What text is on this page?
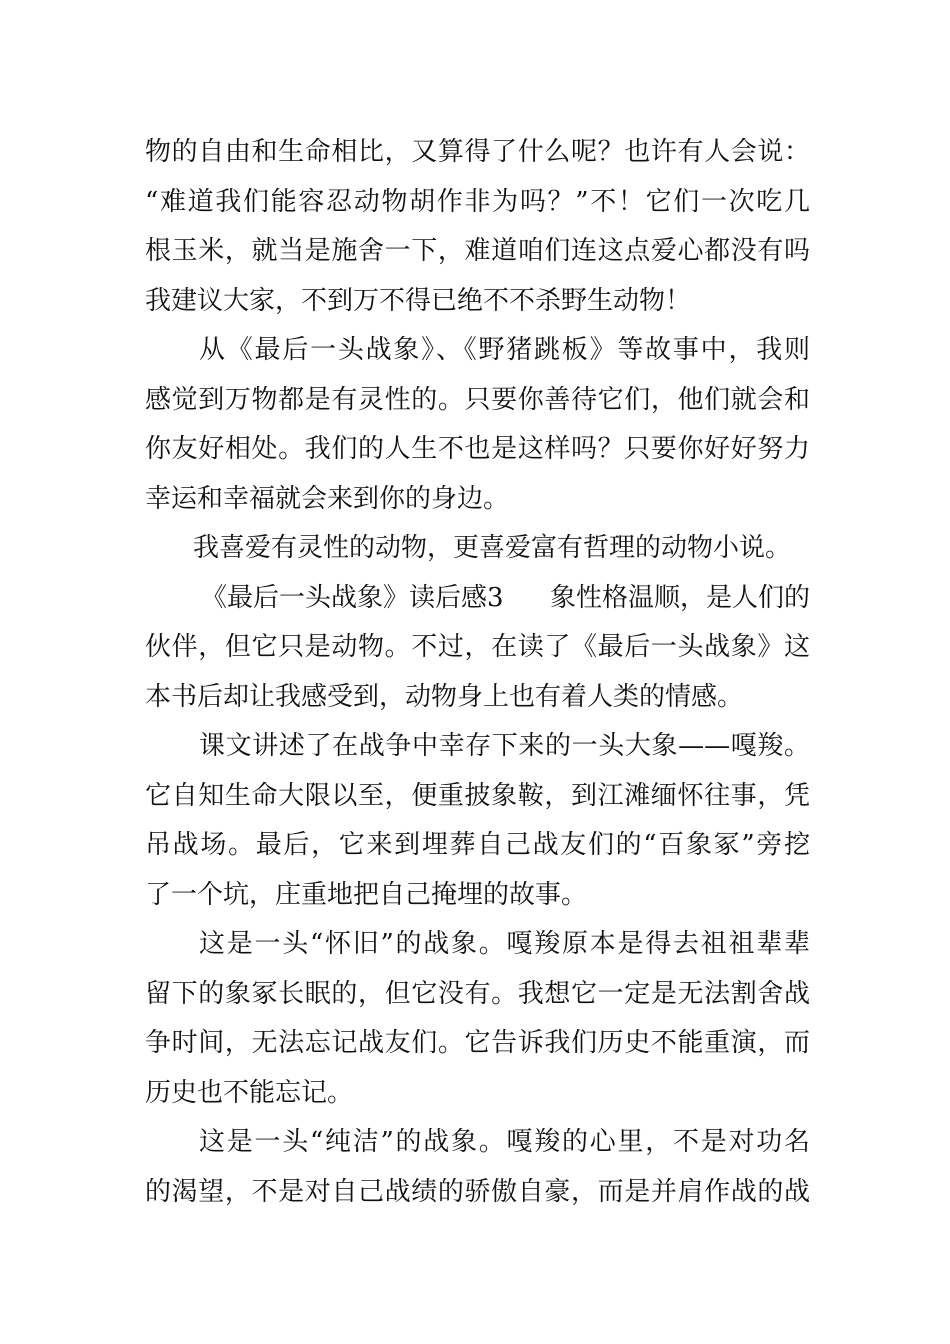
物的自由和生命相比，又算得了什么呢？也许有人会说：
“难道我们能容忍动物胡作非为吗？”不！它们一次吃几
根玉米，就当是施舍一下，难道咱们连这点爱心都没有吗
我建议大家，不到万不得已绝不不杀野生动物！
从《最后一头战象》、《野猪跳板》等故事中，我则
感觉到万物都是有灵性的。只要你善待它们，他们就会和
你友好相处。我们的人生不也是这样吗？只要你好好努力
幸运和幸福就会来到你的身边。
我喜爱有灵性的动物，更喜爱富有哲理的动物小说。
《最后一头战象》读后感3 象性格温顺，是人们的
伙伴，但它只是动物。不过，在读了《最后一头战象》这
本书后却让我感受到，动物身上也有着人类的情感。
课文讲述了在战争中幸存下来的一头大象——嘎羧。
它自知生命大限以至，便重披象鞍，到江滩缅怀往事，凭
吊战场。最后，它来到埋葬自己战友们的“百象冢”旁挖
了一个坑，庄重地把自己掩埋的故事。
这是一头“怀旧”的战象。嘎羧原本是得去祖祖辈辈
留下的象冢长眠的，但它没有。我想它一定是无法割舍战
争时间，无法忘记战友们。它告诉我们历史不能重演，而
历史也不能忘记。
这是一头“纯洁”的战象。嘎羧的心里，不是对功名
的渴望，不是对自己战绩的骄傲自豪，而是并肩作战的战
